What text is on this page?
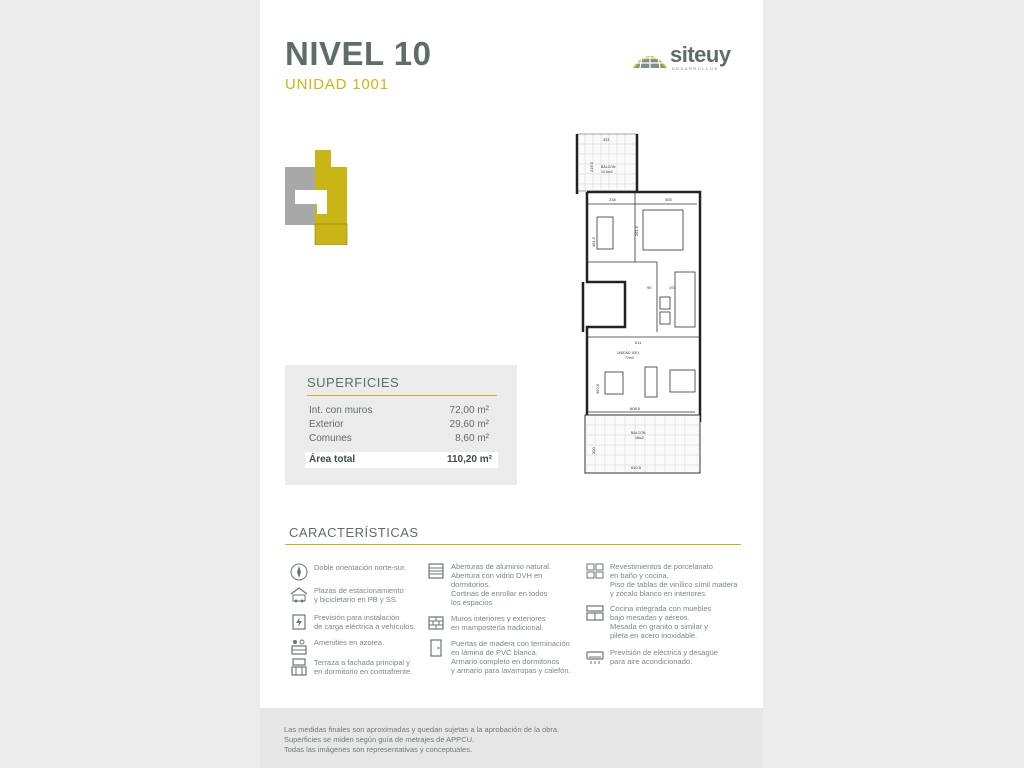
NIVEL 10
UNIDAD 1001
siteuy
DESARROLLOS
331
216.5 BALCON
10.6m2
238	305
461.5
261.5
90	197
611
UNIDAD 1001
72m2
360.5
608.5
BALCON
18m2
300
610.5
SUPERFICIES
Int. con muros	72,00 m²
Exterior	29,60 m²
Comunes	8,60 m²
Área total	110,20 m²
CARACTERÍSTICAS
Doble orientación norte-sur.
Plazas de estacionamiento
y bicicletario en PB y SS.
Previsión para instalación
de carga eléctrica a vehículos.
Amenities en azotea.
Terraza a fachada principal y
en dormitorio en contrafrente.
Aberturas de aluminio natural.
Abertura con vidrio DVH en
dormitorios.
Cortinas de enrollar en todos
los espacios
Muros interiores y exteriores
en mampostería tradicional.
Puertas de madera con terminación
en lámina de PVC blanca.
Armario completo en dormitorios
y armario para lavarropas y calefón.
Revestimientos de porcelanato
en baño y cocina.
Piso de tablas de vinílico símil madera
y zócalo blanco en interiores.
Cocina integrada con muebles
bajo mesadas y aéreos.
Mesada en granito o similar y
pileta en acero inoxidable.
Previsión de eléctrica y desagüe
para aire acondicionado.
Las medidas finales son aproximadas y quedan sujetas a la aprobación de la obra.
Superficies se miden según guía de metrajes de APPCU.
Todas las imágenes son representativas y conceptuales.
